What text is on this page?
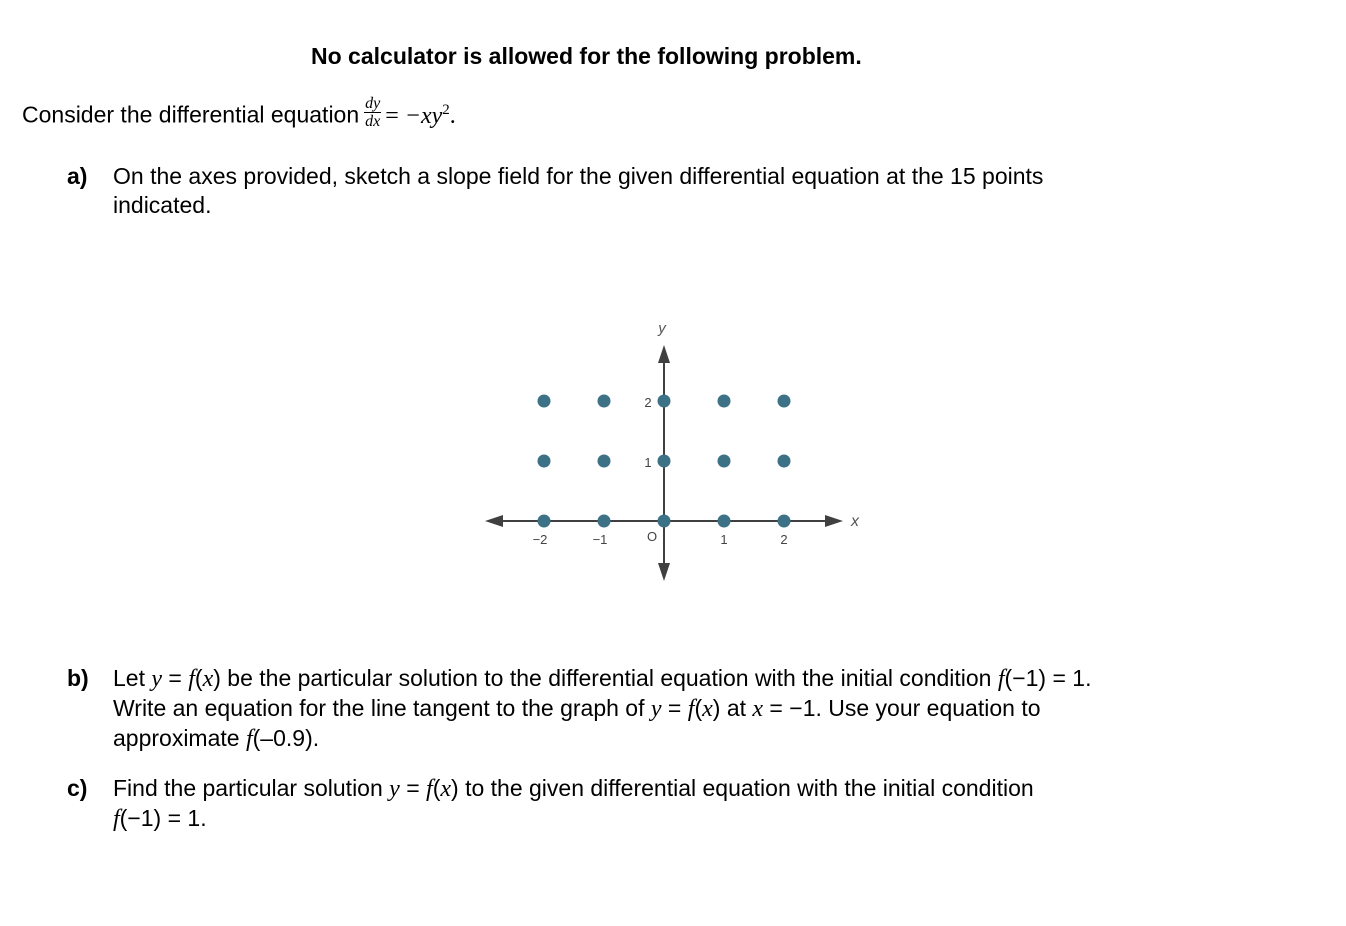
No calculator is allowed for the following problem.
Consider the differential equation $\frac{dy}{dx} = -xy^2$.
a) On the axes provided, sketch a slope field for the given differential equation at the 15 points
indicated.
y
x
−2	−1	O	1	2
1
2
b) Let y = f(x) be the particular solution to the differential equation with the initial condition f(−1) = 1.
Write an equation for the line tangent to the graph of y = f(x) at x = −1. Use your equation to
approximate f(–0.9).
c) Find the particular solution y = f(x) to the given differential equation with the initial condition
f(−1) = 1.
